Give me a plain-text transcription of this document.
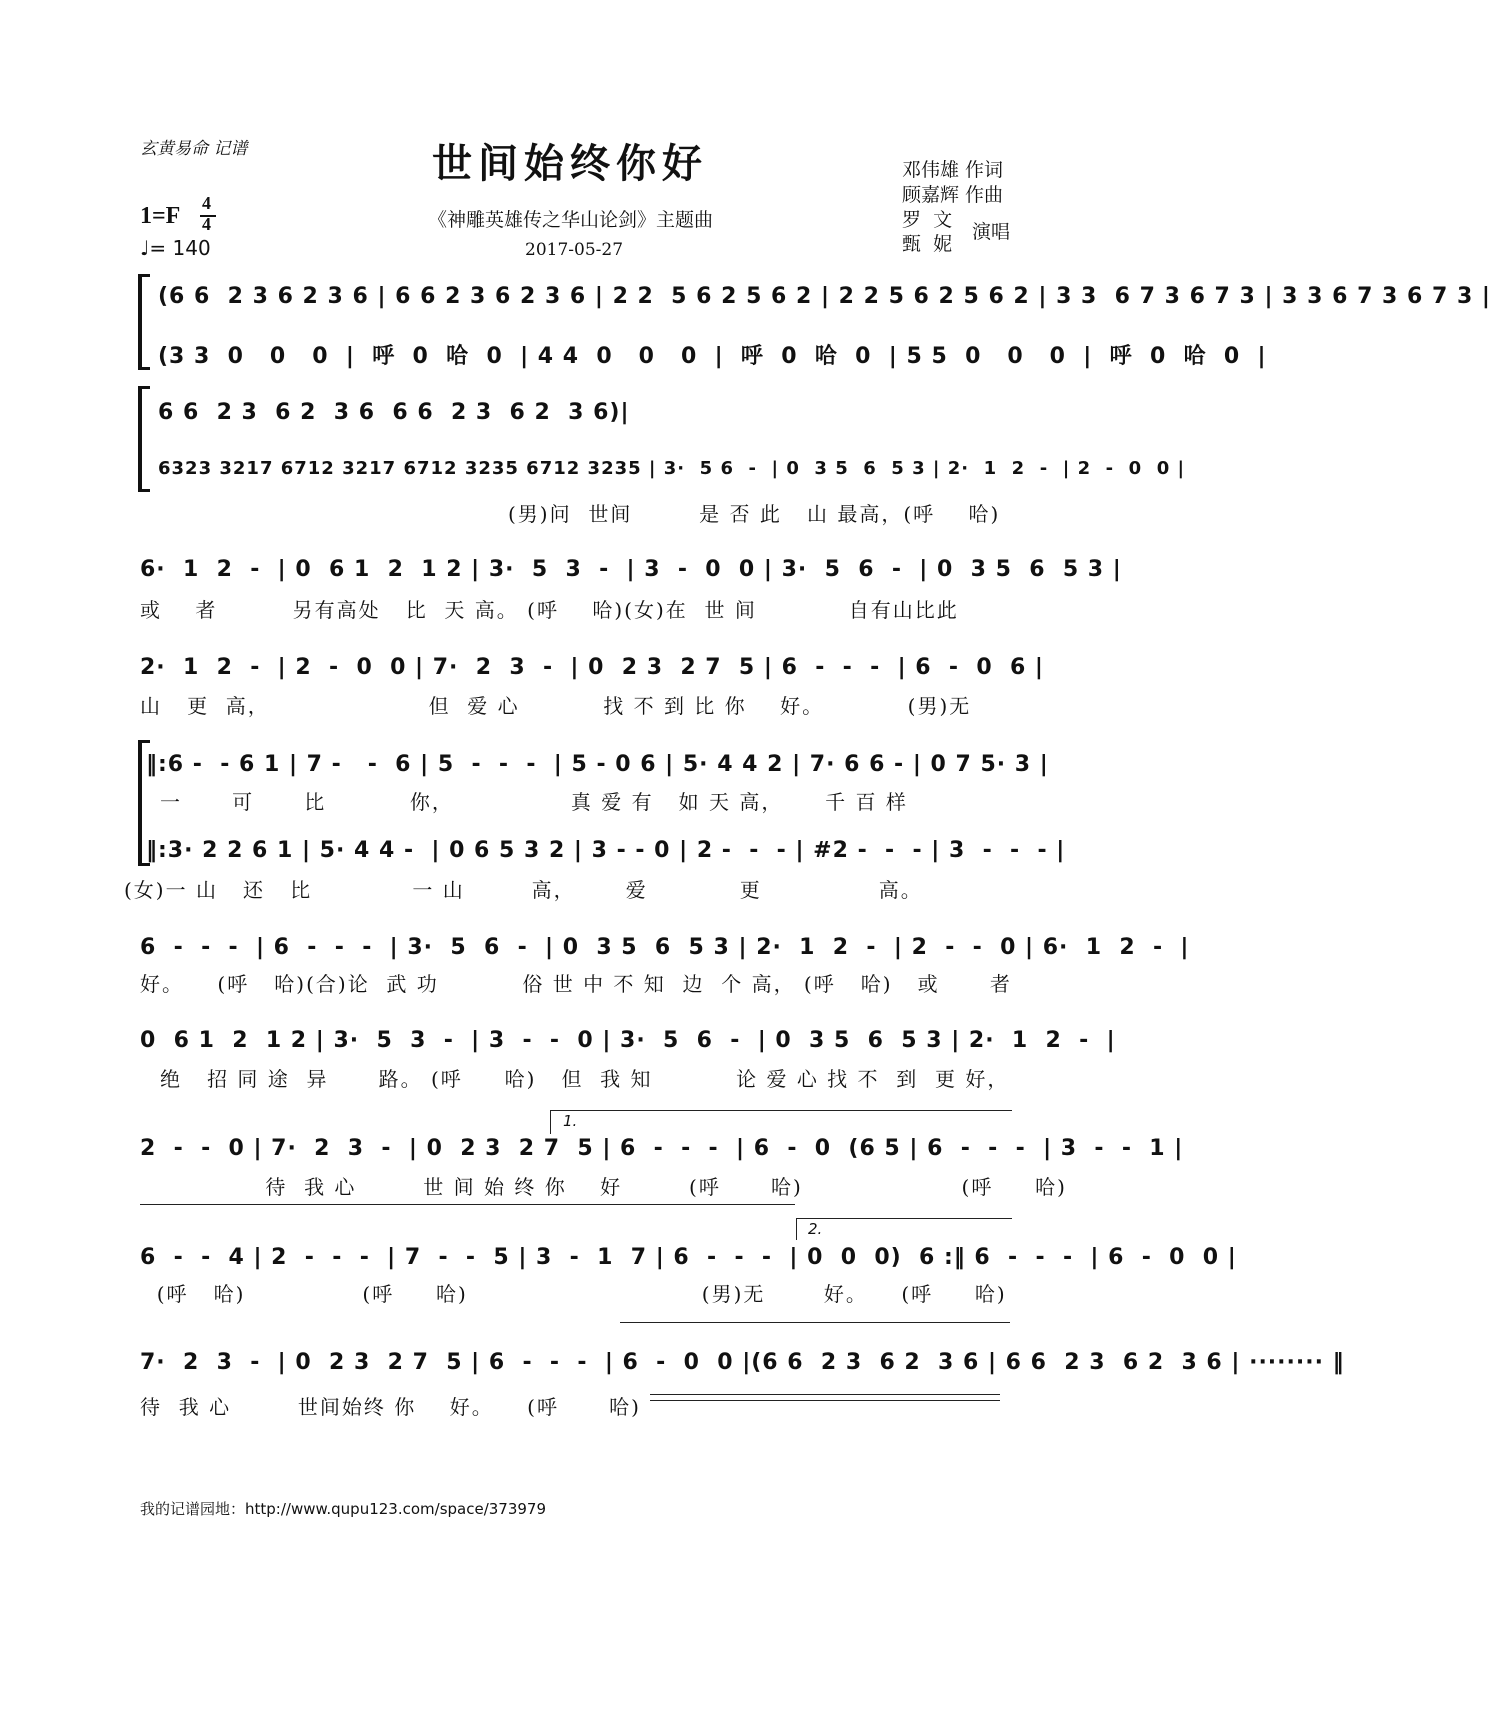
玄黄易命 记谱	世间始终你好	邓伟雄 作词
顾嘉辉 作曲
罗  文
甄  妮
演唱
《神雕英雄传之华山论剑》主题曲
2017-05-27
1=F 4
4
♩= 140
(6 6  2 3 6 2 3 6 | 6 6 2 3 6 2 3 6 | 2 2  5 6 2 5 6 2 | 2 2 5 6 2 5 6 2 | 3 3  6 7 3 6 7 3 | 3 3 6 7 3 6 7 3 |
(3 3  0   0   0  |  呼  0  哈  0  | 4 4  0   0   0  |  呼  0  哈  0  | 5 5  0   0   0  |  呼  0  哈  0  |
6 6  2 3  6 2  3 6  6 6  2 3  6 2  3 6)|
6323 3217 6712 3217 6712 3235 6712 3235 | 3·  5 6  -  | 0  3 5  6  5 3 | 2·  1  2  -  | 2  -  0  0 |
(男)问  世间        是 否 此   山 最高，(呼    哈)
6·  1  2  -  | 0  6 1  2  1 2 | 3·  5  3  -  | 3  -  0  0 | 3·  5  6  -  | 0  3 5  6  5 3 |
或    者         另有高处   比  天 高。 (呼    哈)(女)在  世 间           自有山比此
2·  1  2  -  | 2  -  0  0 | 7·  2  3  -  | 0  2 3  2 7  5 | 6  -  -  -  | 6  -  0  6 |
山   更  高，                   但  爱 心          找 不 到 比 你    好。          (男)无
‖:6 -  - 6 1 | 7 -   -  6 | 5  -  -  -  | 5 - 0 6 | 5· 4 4 2 | 7· 6 6 - | 0 7 5· 3 |
一      可      比          你，              真 爱 有   如 天 高，     千 百 样
‖:3· 2 2 6 1 | 5· 4 4 -  | 0 6 5 3 2 | 3 - - 0 | 2 -  -  - | #2 -  -  - | 3  -  -  - |
(女)一 山   还   比            一 山        高，      爱           更              高。
6  -  -  -  | 6  -  -  -  | 3·  5  6  -  | 0  3 5  6  5 3 | 2·  1  2  -  | 2  -  -  0 | 6·  1  2  -  |
好。    (呼   哈)(合)论  武 功          俗 世 中 不 知  边  个 高， (呼   哈)   或      者
0  6 1  2  1 2 | 3·  5  3  -  | 3  -  -  0 | 3·  5  6  -  | 0  3 5  6  5 3 | 2·  1  2  -  |
绝   招 同 途  异      路。 (呼     哈)   但  我 知          论 爱 心 找 不  到  更 好，
1.
2  -  -  0 | 7·  2  3  -  | 0  2 3  2 7  5 | 6  -  -  -  | 6  -  0  (6 5 | 6  -  -  -  | 3  -  -  1 |
待  我 心        世 间 始 终 你    好        (呼      哈)                   (呼     哈)
2.
6  -  -  4 | 2  -  -  -  | 7  -  -  5 | 3  -  1  7 | 6  -  -  -  | 0  0  0)  6 :‖ 6  -  -  -  | 6  -  0  0 |
(呼   哈)              (呼     哈)                            (男)无       好。    (呼     哈)
7·  2  3  -  | 0  2 3  2 7  5 | 6  -  -  -  | 6  -  0  0 |(6 6  2 3  6 2  3 6 | 6 6  2 3  6 2  3 6 | ········ ‖
待  我 心        世间始终 你    好。    (呼      哈)
我的记谱园地：http://www.qupu123.com/space/373979
